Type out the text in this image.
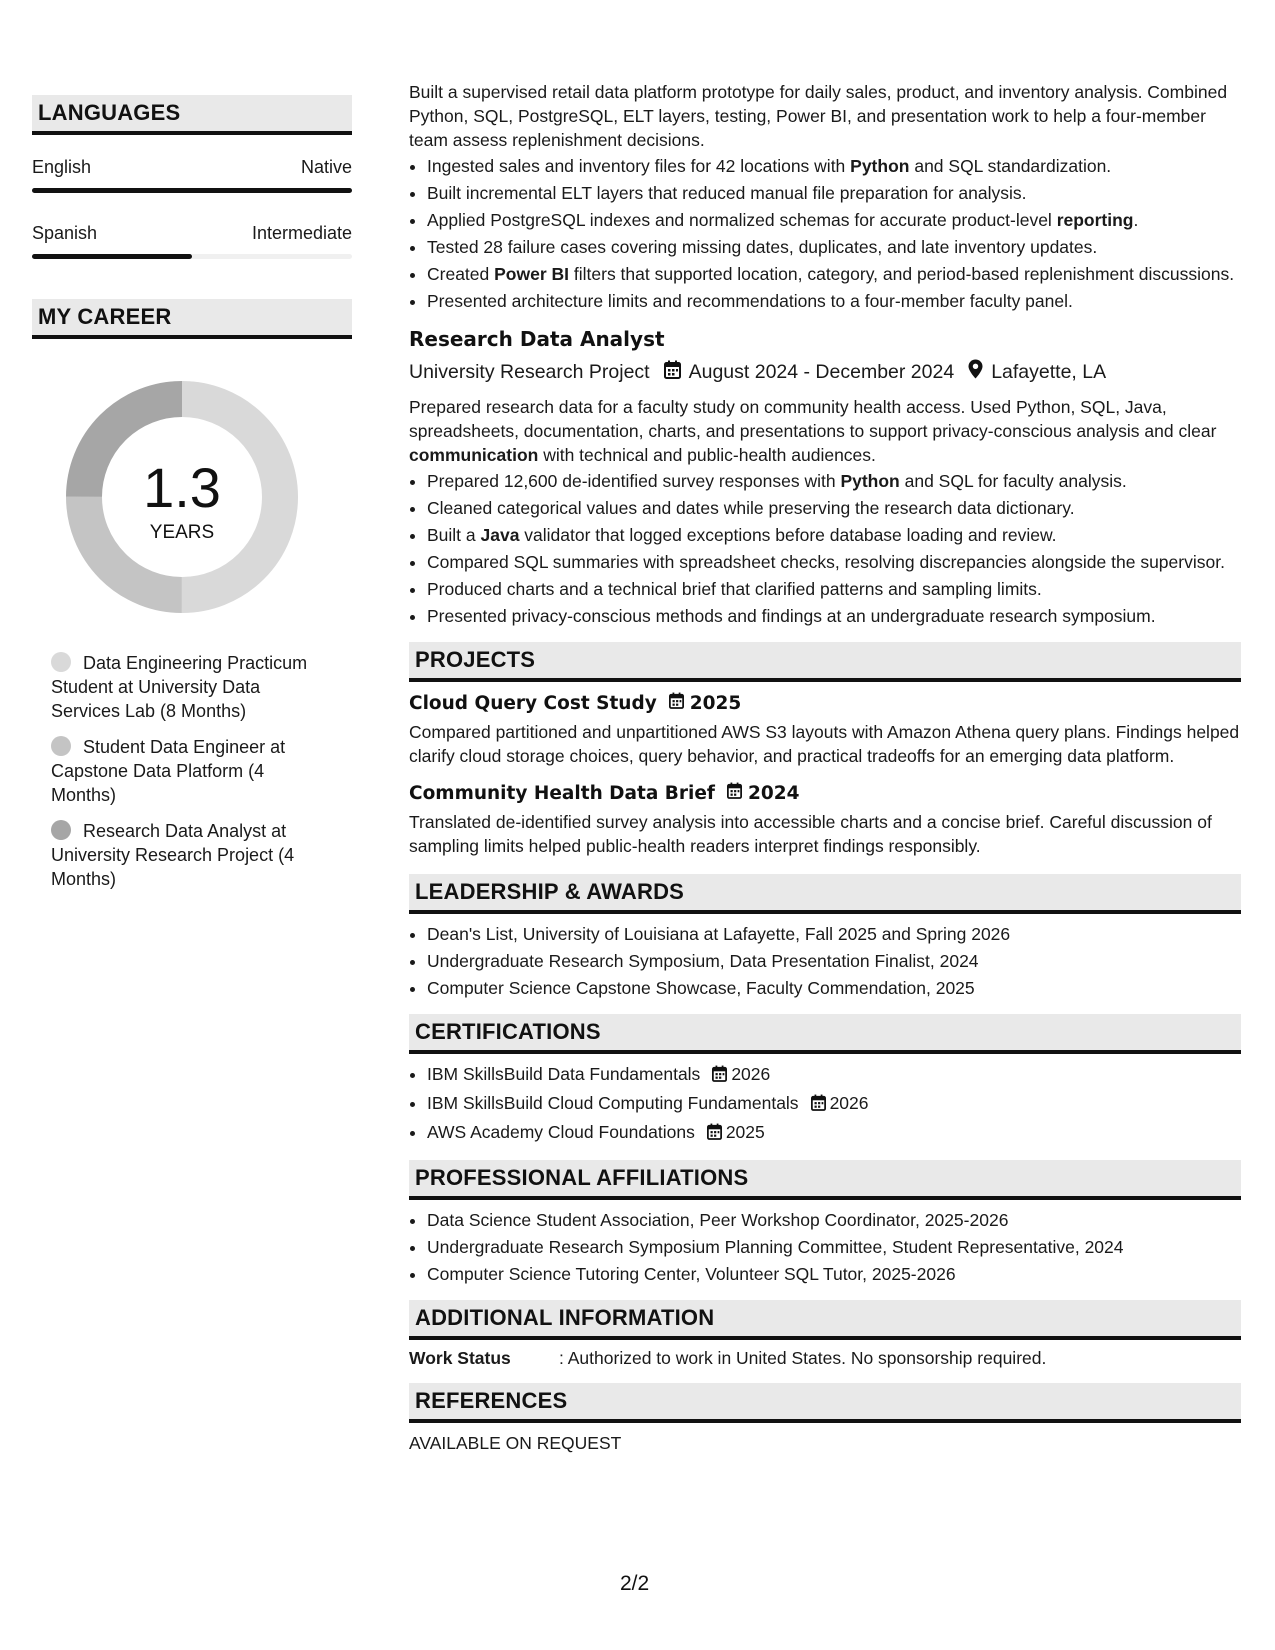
LANGUAGES
English	Native
Spanish	Intermediate
MY CAREER
1.3
YEARS
Data Engineering Practicum Student at University Data Services Lab (8 Months)
Student Data Engineer at Capstone Data Platform (4 Months)
Research Data Analyst at University Research Project (4 Months)

Built a supervised retail data platform prototype for daily sales, product, and inventory analysis. Combined Python, SQL, PostgreSQL, ELT layers, testing, Power BI, and presentation work to help a four-member team assess replenishment decisions.

• Ingested sales and inventory files for 42 locations with Python and SQL standardization.
• Built incremental ELT layers that reduced manual file preparation for analysis.
• Applied PostgreSQL indexes and normalized schemas for accurate product-level reporting.
• Tested 28 failure cases covering missing dates, duplicates, and late inventory updates.
• Created Power BI filters that supported location, category, and period-based replenishment discussions.
• Presented architecture limits and recommendations to a four-member faculty panel.
Research Data Analyst
University Research Project August 2024 - December 2024 Lafayette, LA

Prepared research data for a faculty study on community health access. Used Python, SQL, Java, spreadsheets, documentation, charts, and presentations to support privacy-conscious analysis and clear communication with technical and public-health audiences.

• Prepared 12,600 de-identified survey responses with Python and SQL for faculty analysis.
• Cleaned categorical values and dates while preserving the research data dictionary.
• Built a Java validator that logged exceptions before database loading and review.
• Compared SQL summaries with spreadsheet checks, resolving discrepancies alongside the supervisor.
• Produced charts and a technical brief that clarified patterns and sampling limits.
• Presented privacy-conscious methods and findings at an undergraduate research symposium.
PROJECTS
Cloud Query Cost Study 2025
Compared partitioned and unpartitioned AWS S3 layouts with Amazon Athena query plans. Findings helped clarify cloud storage choices, query behavior, and practical tradeoffs for an emerging data platform.
Community Health Data Brief 2024
Translated de-identified survey analysis into accessible charts and a concise brief. Careful discussion of sampling limits helped public-health readers interpret findings responsibly.
LEADERSHIP & AWARDS
• Dean's List, University of Louisiana at Lafayette, Fall 2025 and Spring 2026
• Undergraduate Research Symposium, Data Presentation Finalist, 2024
• Computer Science Capstone Showcase, Faculty Commendation, 2025
CERTIFICATIONS
• IBM SkillsBuild Data Fundamentals 2026
• IBM SkillsBuild Cloud Computing Fundamentals 2026
• AWS Academy Cloud Foundations 2025
PROFESSIONAL AFFILIATIONS
• Data Science Student Association, Peer Workshop Coordinator, 2025-2026
• Undergraduate Research Symposium Planning Committee, Student Representative, 2024
• Computer Science Tutoring Center, Volunteer SQL Tutor, 2025-2026
ADDITIONAL INFORMATION
Work Status	: Authorized to work in United States. No sponsorship required.
REFERENCES
AVAILABLE ON REQUEST
2/2
